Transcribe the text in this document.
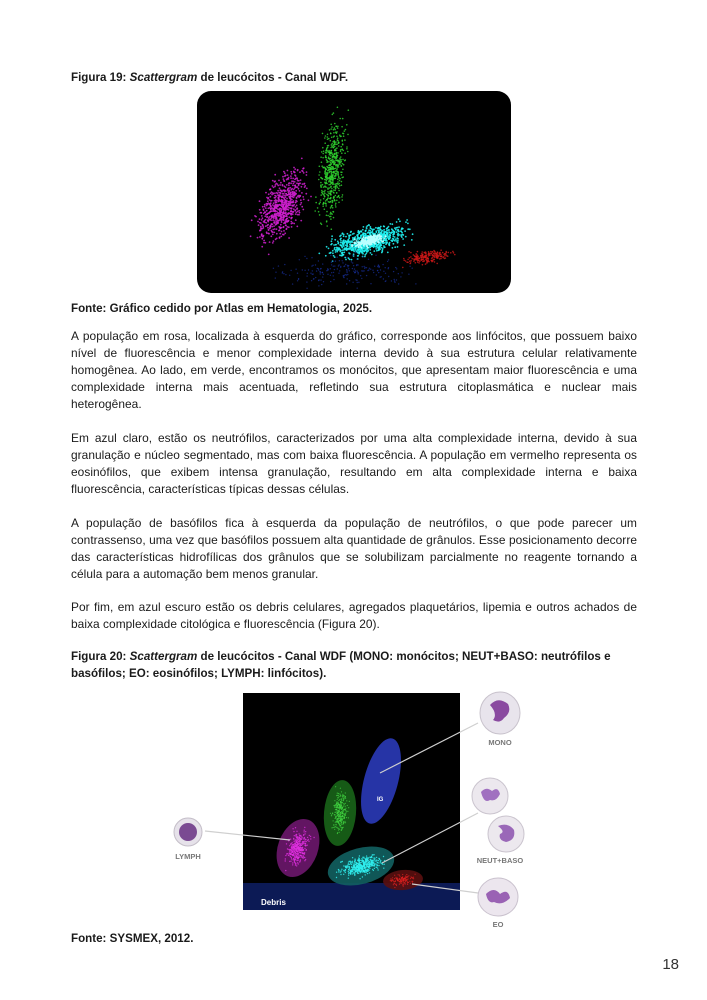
Figura 19: Scattergram de leucócitos - Canal WDF.
Fonte: Gráfico cedido por Atlas em Hematologia, 2025.

A população em rosa, localizada à esquerda do gráfico, corresponde aos linfócitos, que possuem baixo nível de fluorescência e menor complexidade interna devido à sua estrutura celular relativamente homogênea. Ao lado, em verde, encontramos os monócitos, que apresentam maior fluorescência e uma complexidade interna mais acentuada, refletindo sua estrutura citoplasmática e nuclear mais heterogênea.

Em azul claro, estão os neutrófilos, caracterizados por uma alta complexidade interna, devido à sua granulação e núcleo segmentado, mas com baixa fluorescência. A população em vermelho representa os eosinófilos, que exibem intensa granulação, resultando em alta complexidade interna e baixa fluorescência, características típicas dessas células.

A população de basófilos fica à esquerda da população de neutrófilos, o que pode parecer um contrassenso, uma vez que basófilos possuem alta quantidade de grânulos. Esse posicionamento decorre das características hidrofílicas dos grânulos que se solubilizam parcialmente no reagente tornando a célula para a automação bem menos granular.

Por fim, em azul escuro estão os debris celulares, agregados plaquetários, lipemia e outros achados de baixa complexidade citológica e fluorescência (Figura 20).

Figura 20: Scattergram de leucócitos - Canal WDF (MONO: monócitos; NEUT+BASO: neutrófilos e basófilos; EO: eosinófilos; LYMPH: linfócitos).
IG
Debris
MONO
NEUT+BASO
EO
LYMPH
Fonte: SYSMEX, 2012.
18
